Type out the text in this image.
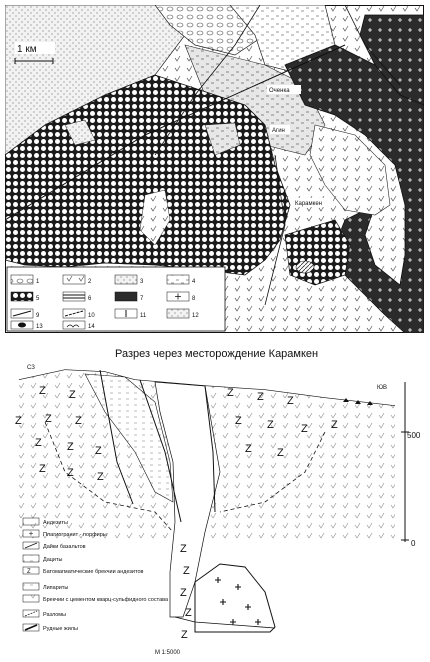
1 км
Оченка
Агин
Карамкен
1	2	3	4
5	6	7	8
9	10	11	12
13	14
Разрез через месторождение Карамкен
СЗ
ЮВ
Z Z
Z Z Z
Z Z Z
Z Z Z
Z Z Z
Z Z Z Z
Z Z
Z
Z
Z
Z
Z
500
0
Андезиты
Плагиогранит - порфиры
Дайки базальтов
Дациты
Z Батомагматические брекчии андезитов
Липариты
Брекчии с цементом кварц-сульфидного состава
Разломы
Рудные жилы
М 1:5000
